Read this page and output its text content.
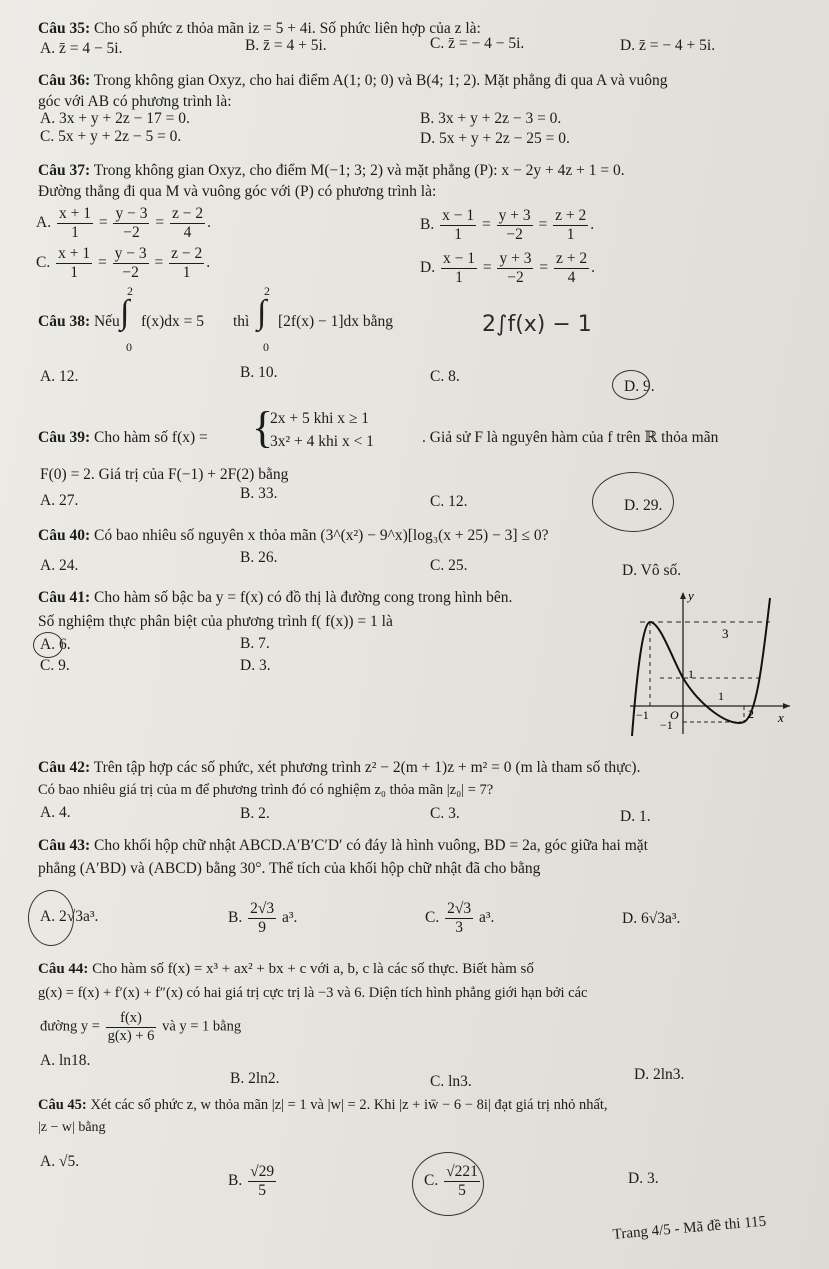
Câu 35: Cho số phức z thỏa mãn iz = 5 + 4i. Số phức liên hợp của z là:
A. z̄ = 4 − 5i.	B. z̄ = 4 + 5i.	C. z̄ = − 4 − 5i.	D. z̄ = − 4 + 5i.
Câu 36: Trong không gian Oxyz, cho hai điểm A(1; 0; 0) và B(4; 1; 2). Mặt phẳng đi qua A và vuông
góc với AB có phương trình là:
A. 3x + y + 2z − 17 = 0.	B. 3x + y + 2z − 3 = 0.
C. 5x + y + 2z − 5 = 0.	D. 5x + y + 2z − 25 = 0.
Câu 37: Trong không gian Oxyz, cho điểm M(−1; 3; 2) và mặt phẳng (P): x − 2y + 4z + 1 = 0.
Đường thẳng đi qua M và vuông góc với (P) có phương trình là:
A. $\frac{x + 1}{1} = \frac{y - 3}{-2} = \frac{z - 2}{4}$ .	B. $\frac{x - 1}{1} = \frac{y + 3}{-2} = \frac{z + 2}{1}$ .
C. $\frac{x + 1}{1} = \frac{y - 3}{-2} = \frac{z - 2}{1}$ .	D. $\frac{x - 1}{1} = \frac{y + 3}{-2} = \frac{z + 2}{4}$ .
Câu 38: Nếu
2
∫
0
f(x)dx = 5 thì
2
∫
0
[2f(x) − 1]dx bằng	2∫f(x) − 1
A. 12.	B. 10.	C. 8.
D. 9.
Câu 39: Cho hàm số f(x) = {
2x + 5 khi x ≥ 1
3x² + 4 khi x < 1	. Giả sử F là nguyên hàm của f trên ℝ thỏa mãn
F(0) = 2. Giá trị của F(−1) + 2F(2) bằng
A. 27.	B. 33.	C. 12.	D. 29.
Câu 40: Có bao nhiêu số nguyên x thỏa mãn (3^(x²) − 9^x)[log₃(x + 25) − 3] ≤ 0?
A. 24.	B. 26.	C. 25.	D. Vô số.
Câu 41: Cho hàm số bậc ba y = f(x) có đồ thị là đường cong trong hình bên.
Số nghiệm thực phân biệt của phương trình f( f(x)) = 1 là
A. 6.	B. 7.
C. 9.	D. 3.
y
x
3
1
1
−1 O	2
−1
Câu 42: Trên tập hợp các số phức, xét phương trình z² − 2(m + 1)z + m² = 0 (m là tham số thực).
Có bao nhiêu giá trị của m để phương trình đó có nghiệm z₀ thỏa mãn |z₀| = 7?
A. 4.	B. 2.	C. 3.	D. 1.
Câu 43: Cho khối hộp chữ nhật ABCD.A′B′C′D′ có đáy là hình vuông, BD = 2a, góc giữa hai mặt
phẳng (A′BD) và (ABCD) bằng 30°. Thể tích của khối hộp chữ nhật đã cho bằng
A. 2√3a³.	B. $\frac{2√3}{9} a^3$.	C. $\frac{2√3}{3} a^3$.	D. 6√3a³.
Câu 44: Cho hàm số f(x) = x³ + ax² + bx + c với a, b, c là các số thực. Biết hàm số
g(x) = f(x) + f′(x) + f″(x) có hai giá trị cực trị là −3 và 6. Diện tích hình phẳng giới hạn bởi các
đường $y = \frac{f(x)}{g(x) + 6}$ và y = 1 bằng
A. ln18.
B. 2ln2.	C. ln3.	D. 2ln3.
Câu 45: Xét các số phức z, w thỏa mãn |z| = 1 và |w| = 2. Khi |z + iw̄ − 6 − 8i| đạt giá trị nhỏ nhất,
|z − w| bằng
A. √5.
B. $\frac{√29}{5}$	C. $\frac{√221}{5}$	D. 3.
Trang 4/5 - Mã đề thi 115
